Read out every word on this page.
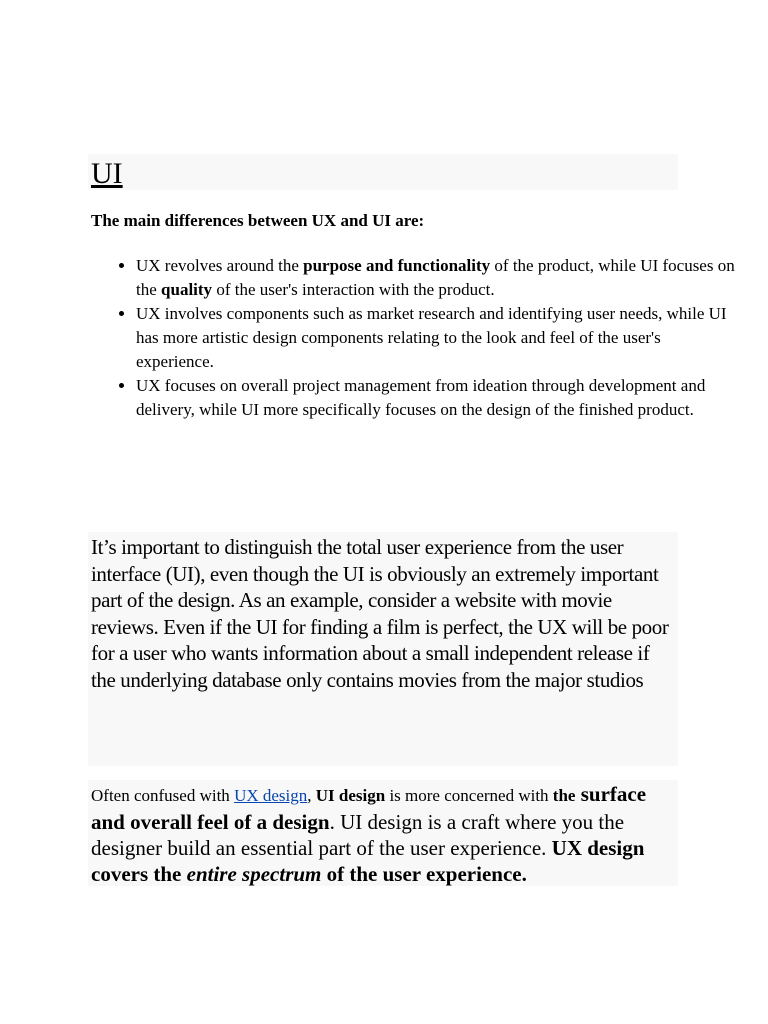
UI

The main differences between UX and UI are:

• UX revolves around the purpose and functionality of the product, while UI focuses on the quality of the user's interaction with the product.
• UX involves components such as market research and identifying user needs, while UI has more artistic design components relating to the look and feel of the user's experience.
• UX focuses on overall project management from ideation through development and delivery, while UI more specifically focuses on the design of the finished product.

It’s important to distinguish the total user experience from the user interface (UI), even though the UI is obviously an extremely important part of the design. As an example, consider a website with movie reviews. Even if the UI for finding a film is perfect, the UX will be poor for a user who wants information about a small independent release if the underlying database only contains movies from the major studios

Often confused with UX design, UI design is more concerned with the surface and overall feel of a design. UI design is a craft where you the designer build an essential part of the user experience. UX design covers the entire spectrum of the user experience.
